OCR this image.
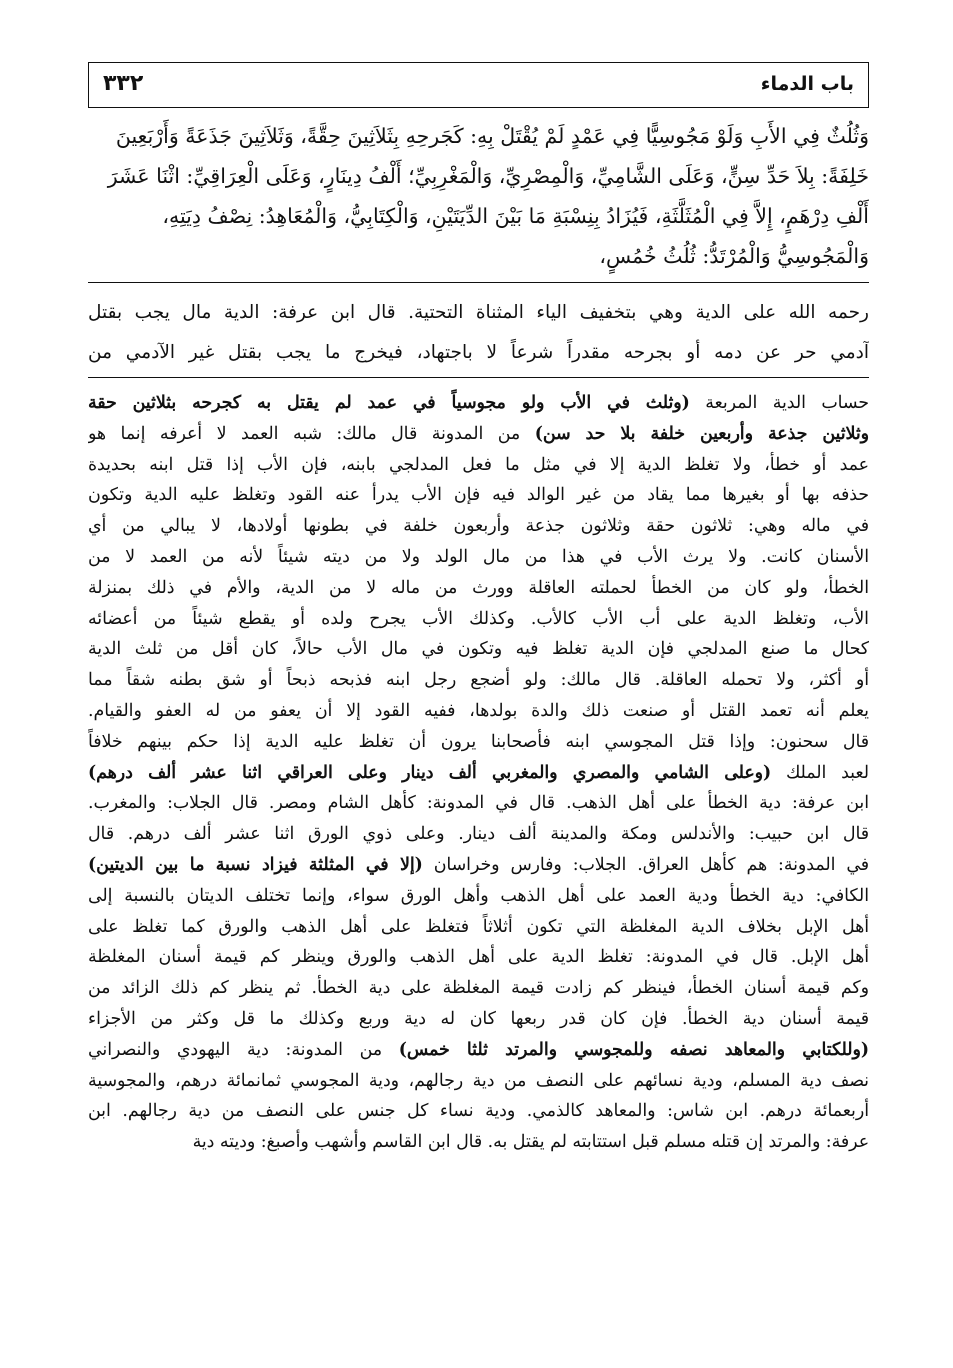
باب الدماء
٣٣٢
وَثُلُثٌ فِي الأَبِ وَلَوْ مَجُوسِيًّا فِي عَمْدٍ لَمْ يُقْتَلْ بِهِ: كَجَرحِهِ بِثَلاَثِينَ حِقَّةً، وَثَلاَثِينَ جَذَعَةً وَأَرْبَعِينَ
خَلِفَةً: بِلاَ حَدِّ سِنٍّ، وَعَلَى الشَّامِيِّ، وَالْمِصْرِيِّ، وَالْمَغْرِبِيِّ؛ أَلْفُ دِينَارٍ، وَعَلَى الْعِرَاقِيِّ: اثْنَا عَشَرَ
أَلْفِ دِرْهَمٍ، إِلاَّ فِي الْمُثَلَّثَةِ، فَيُزَادُ بِنِسْبَةِ مَا بَيْنَ الدِّيَتَيْنِ، وَالْكِتَابِيُّ، وَالْمُعَاهِدُ: نِصْفُ دِيَتِهِ،
وَالْمَجُوسِيُّ وَالْمُرْتَدُّ: ثُلُثُ خُمُسٍ،
رحمه الله على الدية وهي بتخفيف الياء المثناة التحتية. قال ابن عرفة: الدية مال يجب بقتل
آدمي حر عن دمه أو بجرحه مقدراً شرعاً لا باجتهاد، فيخرج ما يجب بقتل غير الآدمي من
حساب الدية المربعة (وثلث في الأب ولو مجوسياً في عمد لم يقتل به كجرحه بثلاثين حقة
وثلاثين جذعة وأربعين خلفة بلا حد سن) من المدونة قال مالك: شبه العمد لا أعرفه إنما هو
عمد أو خطأ، ولا تغلظ الدية إلا في مثل ما فعل المدلجي بابنه، فإن الأب إذا قتل ابنه بحديدة
حذفه بها أو بغيرها مما يقاد من غير الوالد فيه فإن الأب يدرأ عنه القود وتغلظ عليه الدية وتكون
في ماله وهي: ثلاثون حقة وثلاثون جذعة وأربعون خلفة في بطونها أولادها، لا يبالي من أي
الأسنان كانت. ولا يرث الأب في هذا من مال الولد ولا من ديته شيئاً لأنه من العمد لا من
الخطأ، ولو كان من الخطأ لحملته العاقلة وورث من ماله لا من الدية، والأم في ذلك بمنزلة
الأب، وتغلظ الدية على أب الأب كالأب. وكذلك الأب يجرح ولده أو يقطع شيئاً من أعضائه
كحال ما صنع المدلجي فإن الدية تغلظ فيه وتكون في مال الأب حالاً، كان أقل من ثلث الدية
أو أكثر، ولا تحمله العاقلة. قال مالك: ولو أضجع رجل ابنه فذبحه ذبحاً أو شق بطنه شقاً مما
يعلم أنه تعمد القتل أو صنعت ذلك والدة بولدها، ففيه القود إلا أن يعفو من له العفو والقيام.
قال سحنون: وإذا قتل المجوسي ابنه فأصحابنا يرون أن تغلظ عليه الدية إذا حكم بينهم خلافاً
لعبد الملك (وعلى الشامي والمصري والمغربي ألف دينار وعلى العراقي اثنا عشر ألف درهم)
ابن عرفة: دية الخطأ على أهل الذهب. قال في المدونة: كأهل الشام ومصر. قال الجلاب: والمغرب.
قال ابن حبيب: والأندلس ومكة والمدينة ألف دينار. وعلى ذوي الورق اثنا عشر ألف درهم. قال
في المدونة: هم كأهل العراق. الجلاب: وفارس وخراسان (إلا في المثلثة فيزاد نسبة ما بين الديتين)
الكافي: دية الخطأ ودية العمد على أهل الذهب وأهل الورق سواء، وإنما تختلف الديتان بالنسبة إلى
أهل الإبل بخلاف الدية المغلظة التي تكون أثلاثاً فتغلظ على أهل الذهب والورق كما تغلظ على
أهل الإبل. قال في المدونة: تغلظ الدية على أهل الذهب والورق وينظر كم قيمة أسنان المغلظة
وكم قيمة أسنان الخطأ، فينظر كم زادت قيمة المغلظة على دية الخطأ. ثم ينظر كم ذلك الزائد من
قيمة أسنان دية الخطأ. فإن كان قدر ربعها كان له دية وربع وكذلك ما قل وكثر من الأجزاء
(وللكتابي والمعاهد نصفه وللمجوسي والمرتد ثلثا خمس) من المدونة: دية اليهودي والنصراني
نصف دية المسلم، ودية نسائهم على النصف من دية رجالهم، ودية المجوسي ثمانمائة درهم، والمجوسية
أربعمائة درهم. ابن شاس: والمعاهد كالذمي. ودية نساء كل جنس على النصف من دية رجالهم. ابن
عرفة: والمرتد إن قتله مسلم قبل استتابته لم يقتل به. قال ابن القاسم وأشهب وأصبغ: وديته دية
